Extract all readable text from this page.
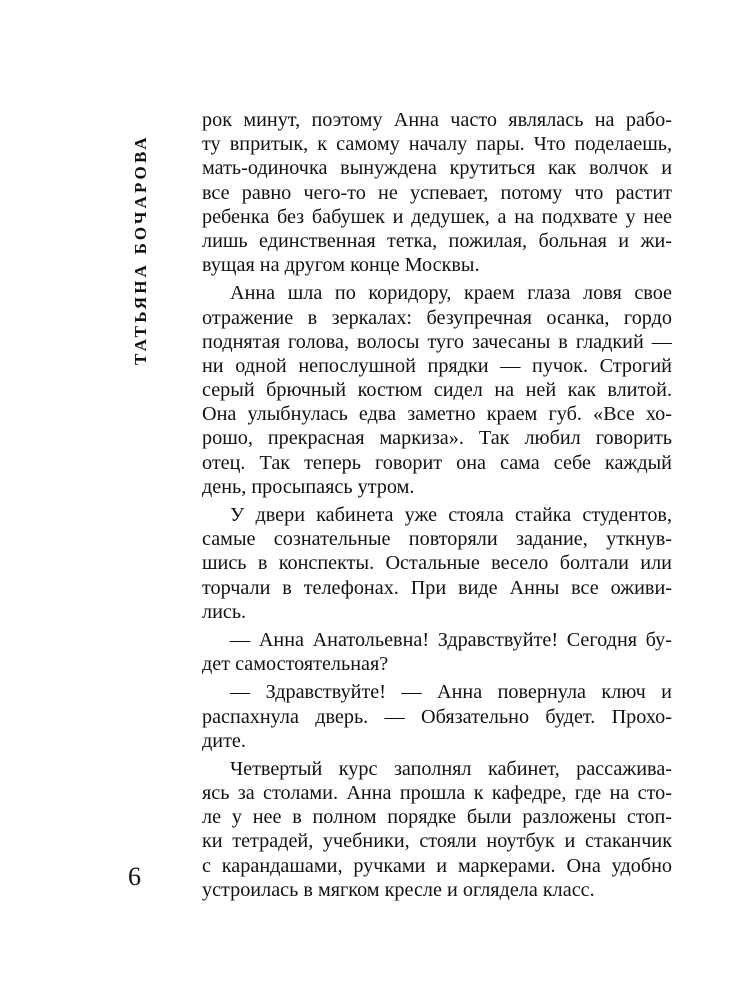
ТАТЬЯНА БОЧАРОВА

рок минут, поэтому Анна часто являлась на рабо-
ту впритык, к самому началу пары. Что поделаешь,
мать-одиночка вынуждена крутиться как волчок и
все равно чего-то не успевает, потому что растит
ребенка без бабушек и дедушек, а на подхвате у нее
лишь единственная тетка, пожилая, больная и жи-
вущая на другом конце Москвы.

Анна шла по коридору, краем глаза ловя свое
отражение в зеркалах: безупречная осанка, гордо
поднятая голова, волосы туго зачесаны в гладкий —
ни одной непослушной прядки — пучок. Строгий
серый брючный костюм сидел на ней как влитой.
Она улыбнулась едва заметно краем губ. «Все хо-
рошо, прекрасная маркиза». Так любил говорить
отец. Так теперь говорит она сама себе каждый
день, просыпаясь утром.

У двери кабинета уже стояла стайка студентов,
самые сознательные повторяли задание, уткнув-
шись в конспекты. Остальные весело болтали или
торчали в телефонах. При виде Анны все оживи-
лись.

— Анна Анатольевна! Здравствуйте! Сегодня бу-
дет самостоятельная?

— Здравствуйте! — Анна повернула ключ и
распахнула дверь. — Обязательно будет. Прохо-
дите.

Четвертый курс заполнял кабинет, рассажива-
ясь за столами. Анна прошла к кафедре, где на сто-
ле у нее в полном порядке были разложены стоп-
ки тетрадей, учебники, стояли ноутбук и стаканчик
с карандашами, ручками и маркерами. Она удобно
устроилась в мягком кресле и оглядела класс.

6
